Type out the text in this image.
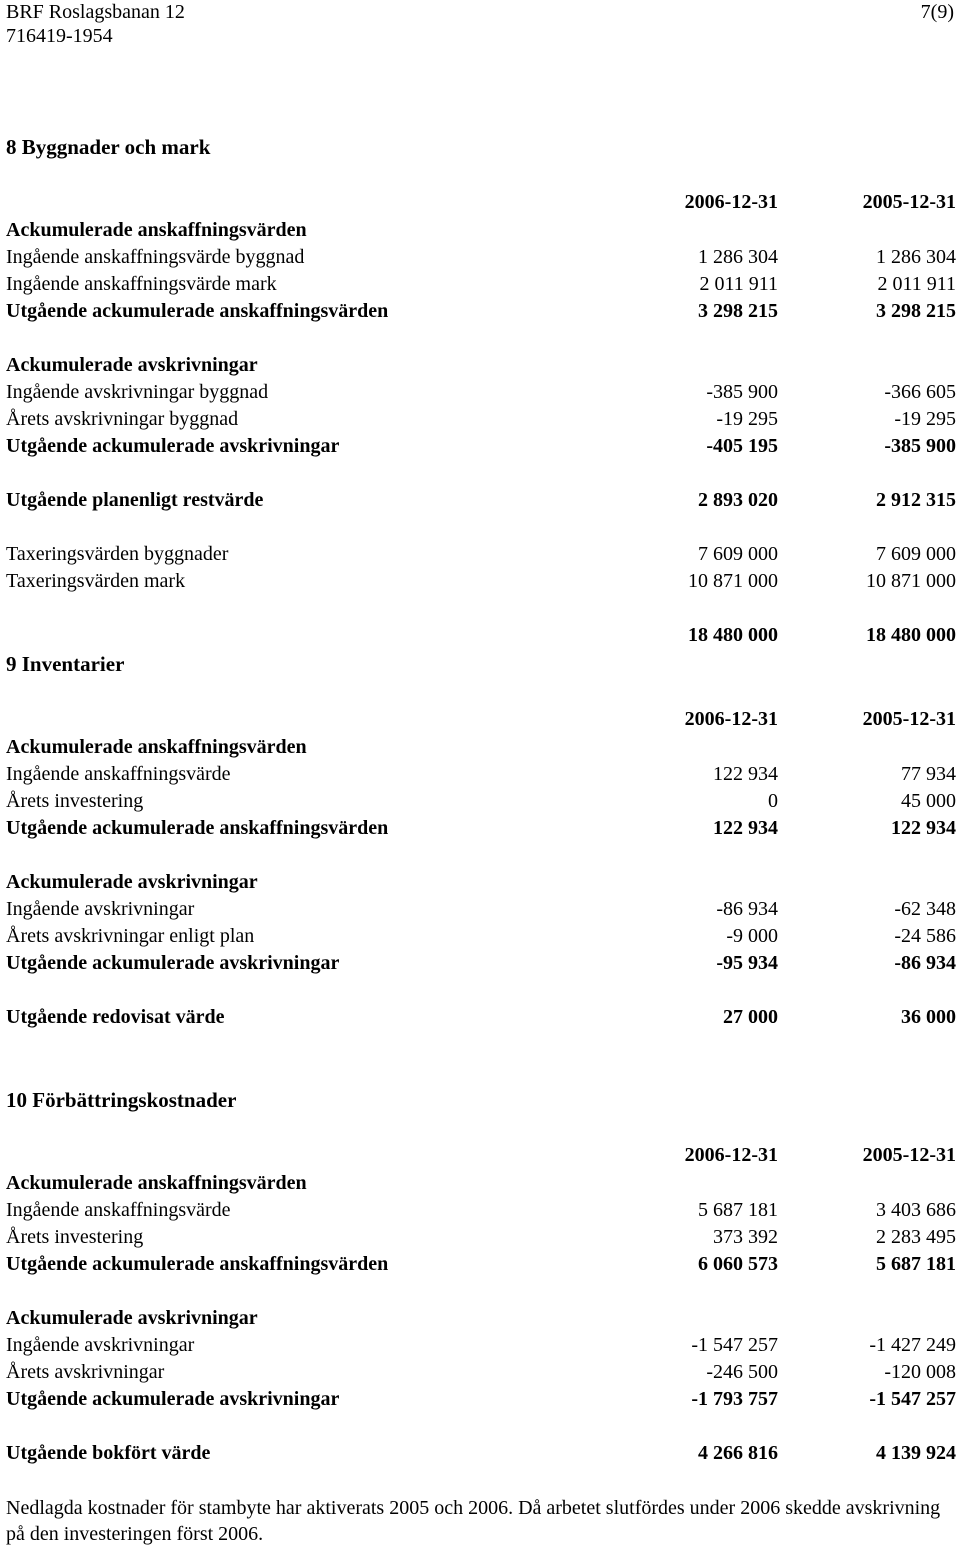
BRF Roslagsbanan 12
716419-1954
7(9)
8 Byggnader och mark
2006-12-31	2005-12-31
Ackumulerade anskaffningsvärden
Ingående anskaffningsvärde byggnad	1 286 304	1 286 304
Ingående anskaffningsvärde mark	2 011 911	2 011 911
Utgående ackumulerade anskaffningsvärden	3 298 215	3 298 215
Ackumulerade avskrivningar
Ingående avskrivningar byggnad	-385 900	-366 605
Årets avskrivningar byggnad	-19 295	-19 295
Utgående ackumulerade avskrivningar	-405 195	-385 900
Utgående planenligt restvärde	2 893 020	2 912 315
Taxeringsvärden byggnader	7 609 000	7 609 000
Taxeringsvärden mark	10 871 000	10 871 000
18 480 000	18 480 000
9 Inventarier
2006-12-31	2005-12-31
Ackumulerade anskaffningsvärden
Ingående anskaffningsvärde	122 934	77 934
Årets investering	0	45 000
Utgående ackumulerade anskaffningsvärden	122 934	122 934
Ackumulerade avskrivningar
Ingående avskrivningar	-86 934	-62 348
Årets avskrivningar enligt plan	-9 000	-24 586
Utgående ackumulerade avskrivningar	-95 934	-86 934
Utgående redovisat värde	27 000	36 000
10 Förbättringskostnader
2006-12-31	2005-12-31
Ackumulerade anskaffningsvärden
Ingående anskaffningsvärde	5 687 181	3 403 686
Årets investering	373 392	2 283 495
Utgående ackumulerade anskaffningsvärden	6 060 573	5 687 181
Ackumulerade avskrivningar
Ingående avskrivningar	-1 547 257	-1 427 249
Årets avskrivningar	-246 500	-120 008
Utgående ackumulerade avskrivningar	-1 793 757	-1 547 257
Utgående bokfört värde	4 266 816	4 139 924
Nedlagda kostnader för stambyte har aktiverats 2005 och 2006. Då arbetet slutfördes under 2006 skedde avskrivning på den investeringen först 2006.
